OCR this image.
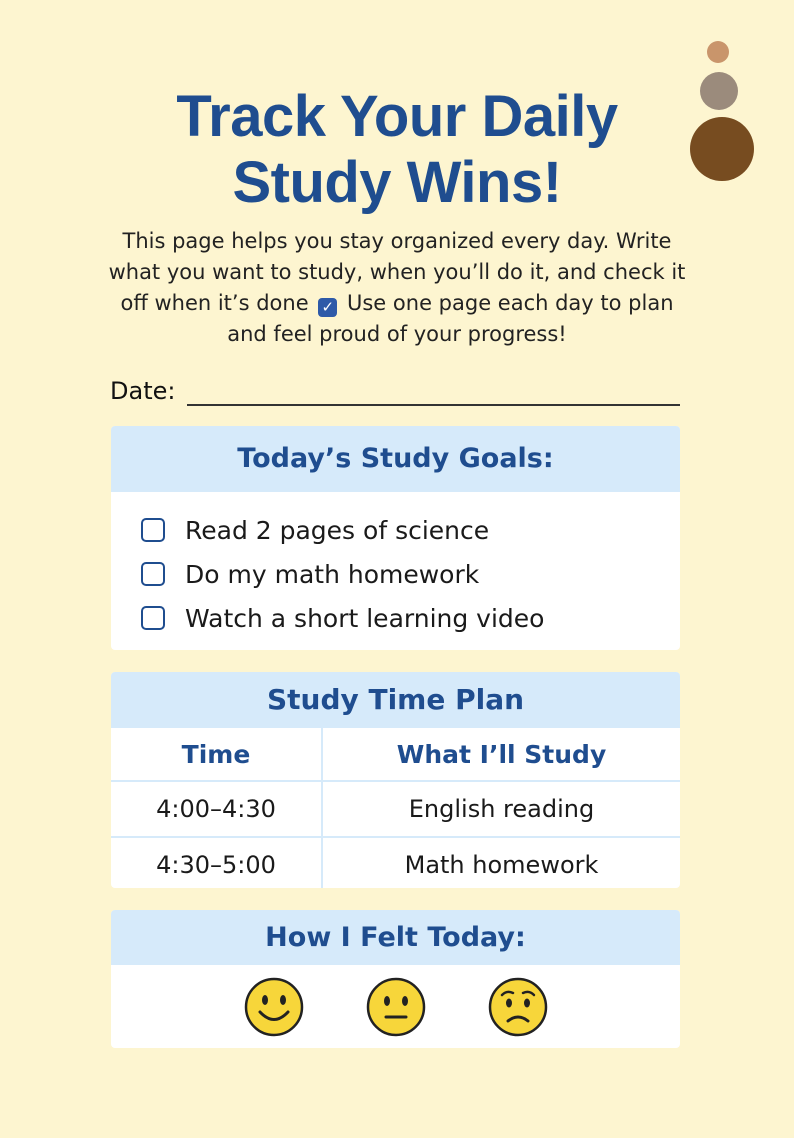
Track Your Daily
Study Wins!
This page helps you stay organized every day. Write what you want to study, when you’ll do it, and check it off when it’s done ✓ Use one page each day to plan and feel proud of your progress!
Date:
Today’s Study Goals:
Read 2 pages of science
Do my math homework
Watch a short learning video
Study Time Plan
Time	What I’ll Study
4:00–4:30	English reading
4:30–5:00	Math homework
How I Felt Today:
